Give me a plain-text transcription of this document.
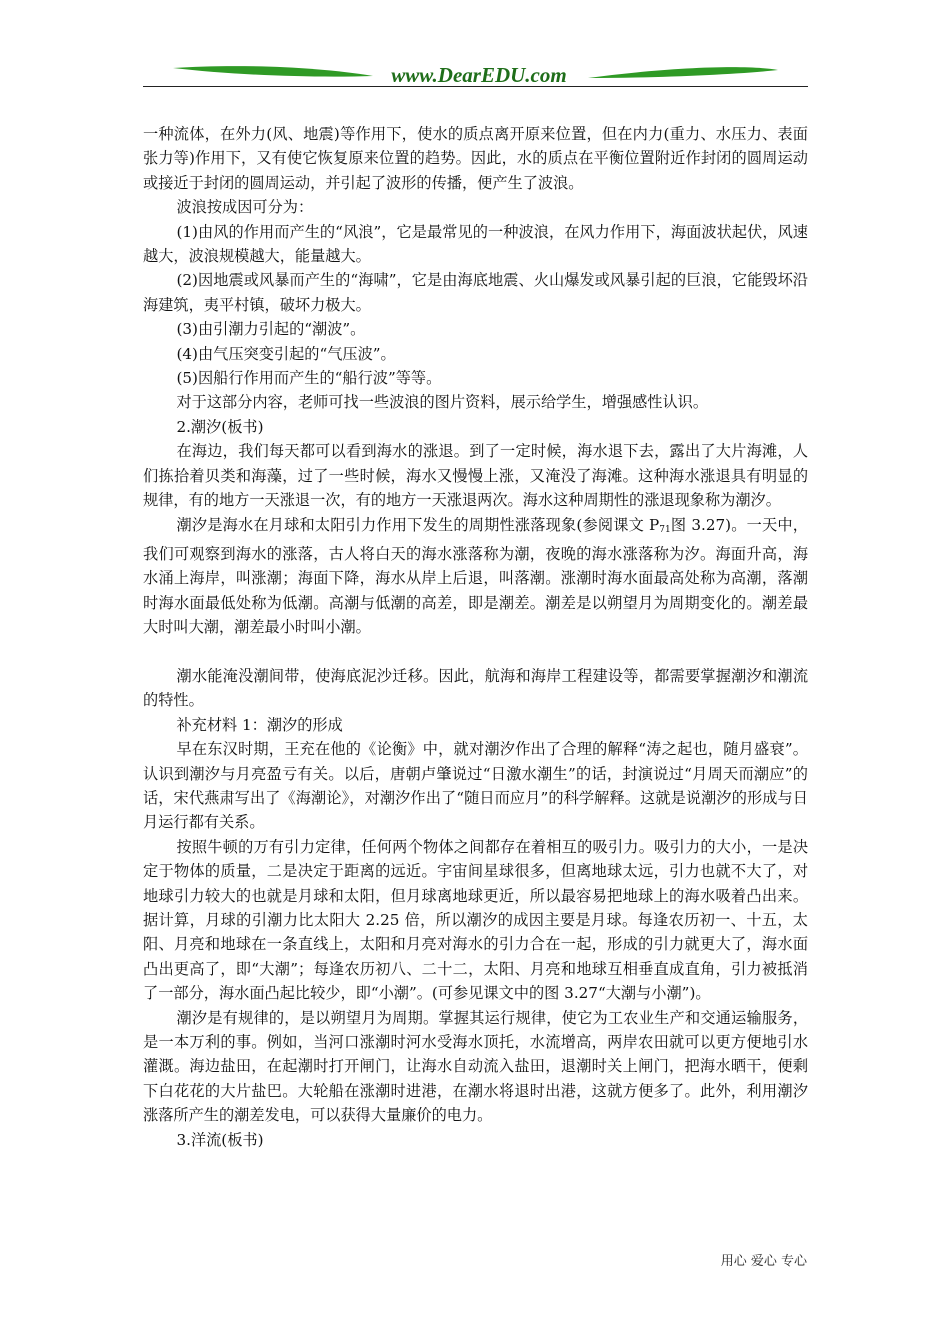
www.DearEDU.com

一种流体，在外力(风、地震)等作用下，使水的质点离开原来位置，但在内力(重力、水压力、表面张力等)作用下，又有使它恢复原来位置的趋势。因此，水的质点在平衡位置附近作封闭的圆周运动或接近于封闭的圆周运动，并引起了波形的传播，便产生了波浪。

波浪按成因可分为：

(1)由风的作用而产生的“风浪”，它是最常见的一种波浪，在风力作用下，海面波状起伏，风速越大，波浪规模越大，能量越大。

(2)因地震或风暴而产生的“海啸”，它是由海底地震、火山爆发或风暴引起的巨浪，它能毁坏沿海建筑，夷平村镇，破坏力极大。

(3)由引潮力引起的“潮波”。

(4)由气压突变引起的“气压波”。

(5)因船行作用而产生的“船行波”等等。

对于这部分内容，老师可找一些波浪的图片资料，展示给学生，增强感性认识。

2.潮汐(板书)

在海边，我们每天都可以看到海水的涨退。到了一定时候，海水退下去，露出了大片海滩，人们拣拾着贝类和海藻，过了一些时候，海水又慢慢上涨，又淹没了海滩。这种海水涨退具有明显的规律，有的地方一天涨退一次，有的地方一天涨退两次。海水这种周期性的涨退现象称为潮汐。

潮汐是海水在月球和太阳引力作用下发生的周期性涨落现象(参阅课文 $P_{71}$图 3.27)。一天中，我们可观察到海水的涨落，古人将白天的海水涨落称为潮，夜晚的海水涨落称为汐。海面升高，海水涌上海岸，叫涨潮；海面下降，海水从岸上后退，叫落潮。涨潮时海水面最高处称为高潮，落潮时海水面最低处称为低潮。高潮与低潮的高差，即是潮差。潮差是以朔望月为周期变化的。潮差最大时叫大潮，潮差最小时叫小潮。

潮水能淹没潮间带，使海底泥沙迁移。因此，航海和海岸工程建设等，都需要掌握潮汐和潮流的特性。

补充材料 1：潮汐的形成

早在东汉时期，王充在他的《论衡》中，就对潮汐作出了合理的解释“涛之起也，随月盛衰”。认识到潮汐与月亮盈亏有关。以后，唐朝卢肇说过“日激水潮生”的话，封演说过“月周天而潮应”的话，宋代燕肃写出了《海潮论》，对潮汐作出了“随日而应月”的科学解释。这就是说潮汐的形成与日月运行都有关系。

按照牛顿的万有引力定律，任何两个物体之间都存在着相互的吸引力。吸引力的大小，一是决定于物体的质量，二是决定于距离的远近。宇宙间星球很多，但离地球太远，引力也就不大了，对地球引力较大的也就是月球和太阳，但月球离地球更近，所以最容易把地球上的海水吸着凸出来。据计算，月球的引潮力比太阳大 2.25 倍，所以潮汐的成因主要是月球。每逢农历初一、十五，太阳、月亮和地球在一条直线上，太阳和月亮对海水的引力合在一起，形成的引力就更大了，海水面凸出更高了，即“大潮”；每逢农历初八、二十二，太阳、月亮和地球互相垂直成直角，引力被抵消了一部分，海水面凸起比较少，即“小潮”。(可参见课文中的图 3.27“大潮与小潮”)。

潮汐是有规律的，是以朔望月为周期。掌握其运行规律，使它为工农业生产和交通运输服务，是一本万利的事。例如，当河口涨潮时河水受海水顶托，水流增高，两岸农田就可以更方便地引水灌溉。海边盐田，在起潮时打开闸门，让海水自动流入盐田，退潮时关上闸门，把海水晒干，便剩下白花花的大片盐巴。大轮船在涨潮时进港，在潮水将退时出港，这就方便多了。此外，利用潮汐涨落所产生的潮差发电，可以获得大量廉价的电力。

3.洋流(板书)

用心 爱心 专心
